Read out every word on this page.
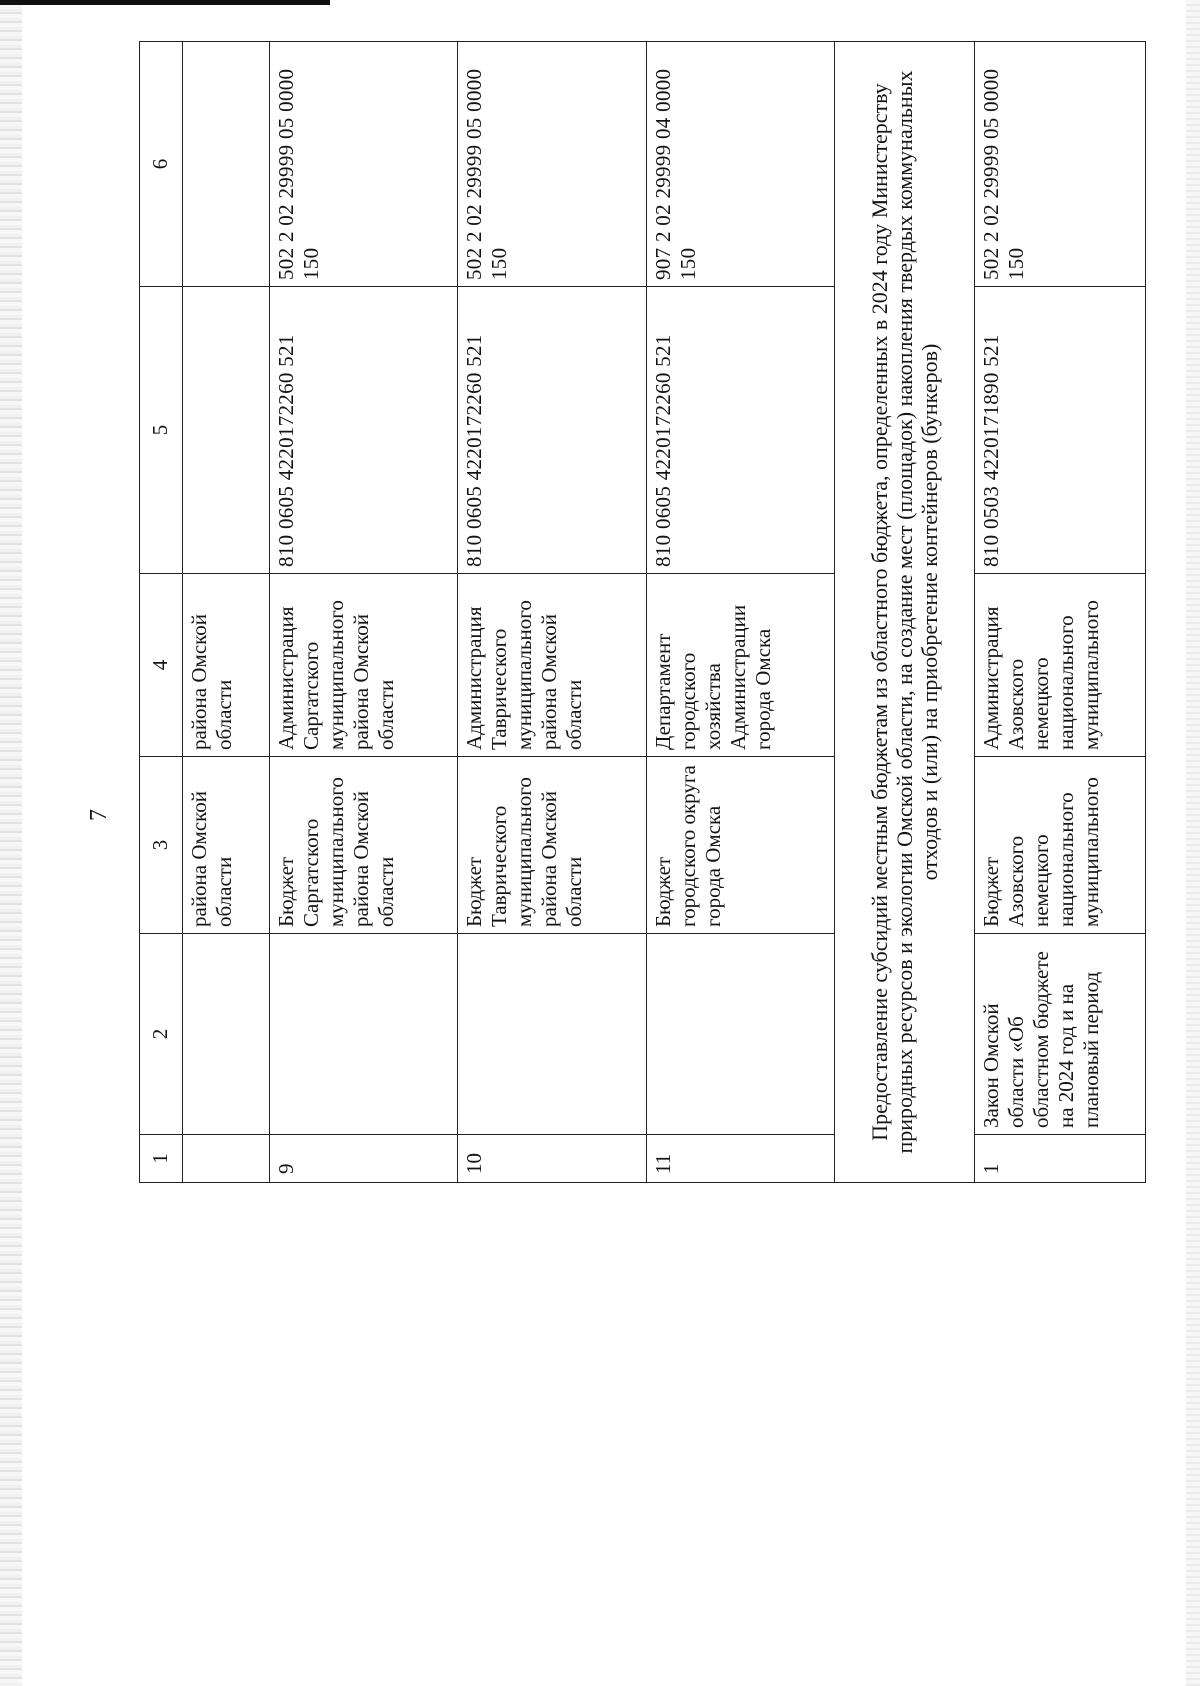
7
1	2	3	4	5	6
		района Омской области	района Омской области		
9		Бюджет Саргатского муниципального района Омской области	Администрация Саргатского муниципального района Омской области	810 0605 4220172260 521	502 2 02 29999 05 0000 150
10		Бюджет Таврического муниципального района Омской области	Администрация Таврического муниципального района Омской области	810 0605 4220172260 521	502 2 02 29999 05 0000 150
11		Бюджет городского округа города Омска	Департамент городского хозяйства Администрации города Омска	810 0605 4220172260 521	907 2 02 29999 04 0000 150
Предоставление субсидий местным бюджетам из областного бюджета, определенных в 2024 году Министерству природных ресурсов и экологии Омской области, на создание мест (площадок) накопления твердых коммунальных отходов и (или) на приобретение контейнеров (бункеров)					
1	Закон Омской области «Об областном бюджете на 2024 год и на плановый период	Бюджет Азовского немецкого национального муниципального	Администрация Азовского немецкого национального муниципального	810 0503 4220171890 521	502 2 02 29999 05 0000 150
